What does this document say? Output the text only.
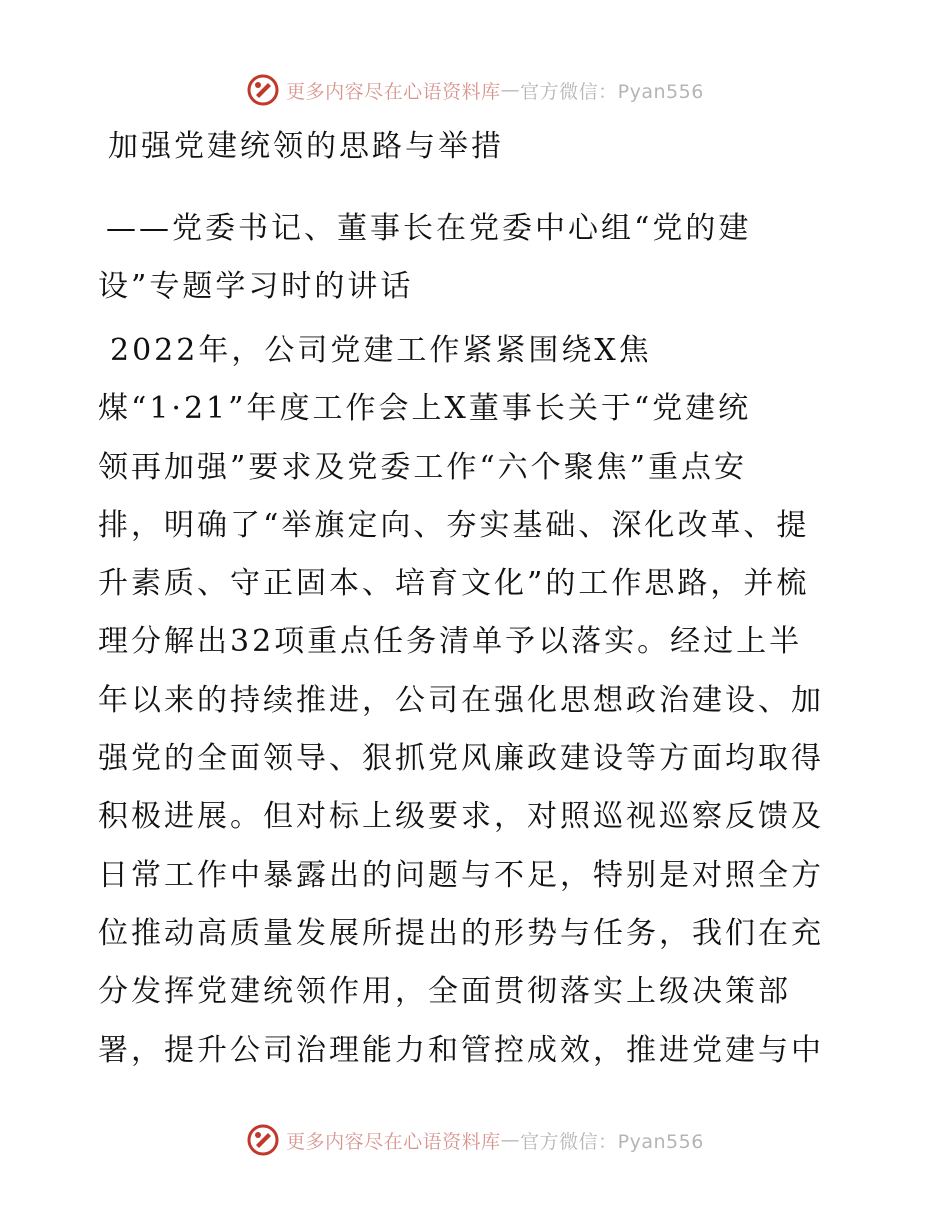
更多内容尽在心语资料库 — 官方微信：Pyan556
加强党建统领的思路与举措
——党委书记、董事长在党委中心组“党的建
设”专题学习时的讲话
2022年，公司党建工作紧紧围绕X焦
煤“1·21”年度工作会上X董事长关于“党建统
领再加强”要求及党委工作“六个聚焦”重点安
排，明确了“举旗定向、夯实基础、深化改革、提
升素质、守正固本、培育文化”的工作思路，并梳
理分解出32项重点任务清单予以落实。经过上半
年以来的持续推进，公司在强化思想政治建设、加
强党的全面领导、狠抓党风廉政建设等方面均取得
积极进展。但对标上级要求，对照巡视巡察反馈及
日常工作中暴露出的问题与不足，特别是对照全方
位推动高质量发展所提出的形势与任务，我们在充
分发挥党建统领作用，全面贯彻落实上级决策部
署，提升公司治理能力和管控成效，推进党建与中
更多内容尽在心语资料库 — 官方微信：Pyan556
